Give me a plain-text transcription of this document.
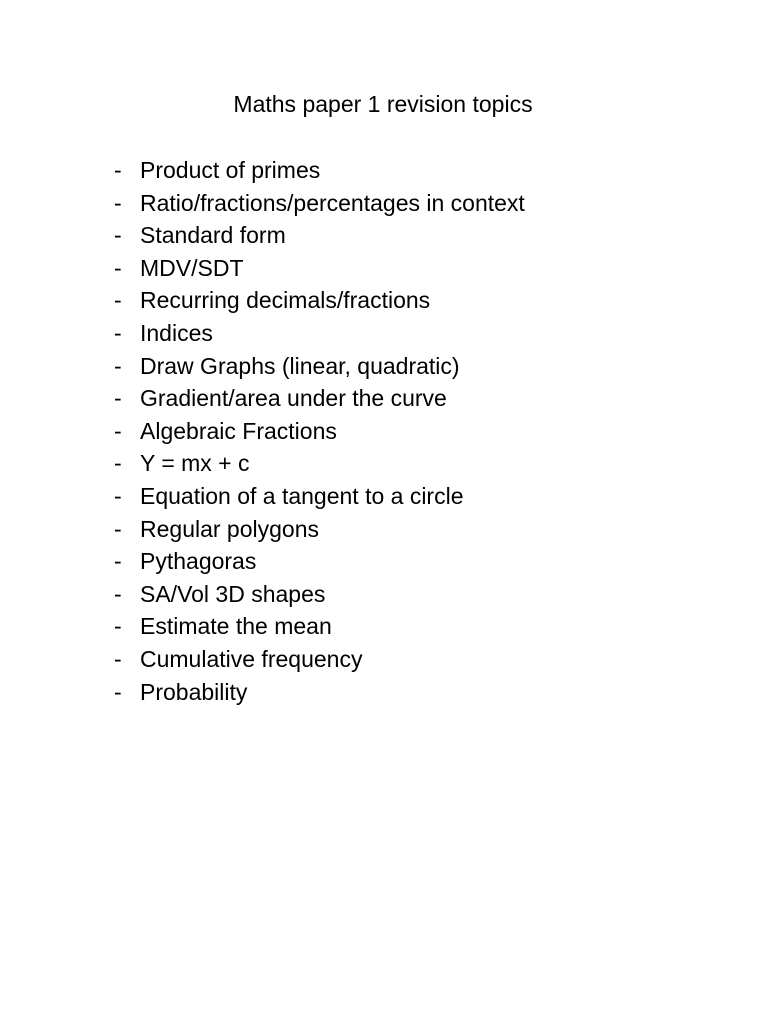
Maths paper 1 revision topics
- Product of primes
- Ratio/fractions/percentages in context
- Standard form
- MDV/SDT
- Recurring decimals/fractions
- Indices
- Draw Graphs (linear, quadratic)
- Gradient/area under the curve
- Algebraic Fractions
- Y = mx + c
- Equation of a tangent to a circle
- Regular polygons
- Pythagoras
- SA/Vol 3D shapes
- Estimate the mean
- Cumulative frequency
- Probability
